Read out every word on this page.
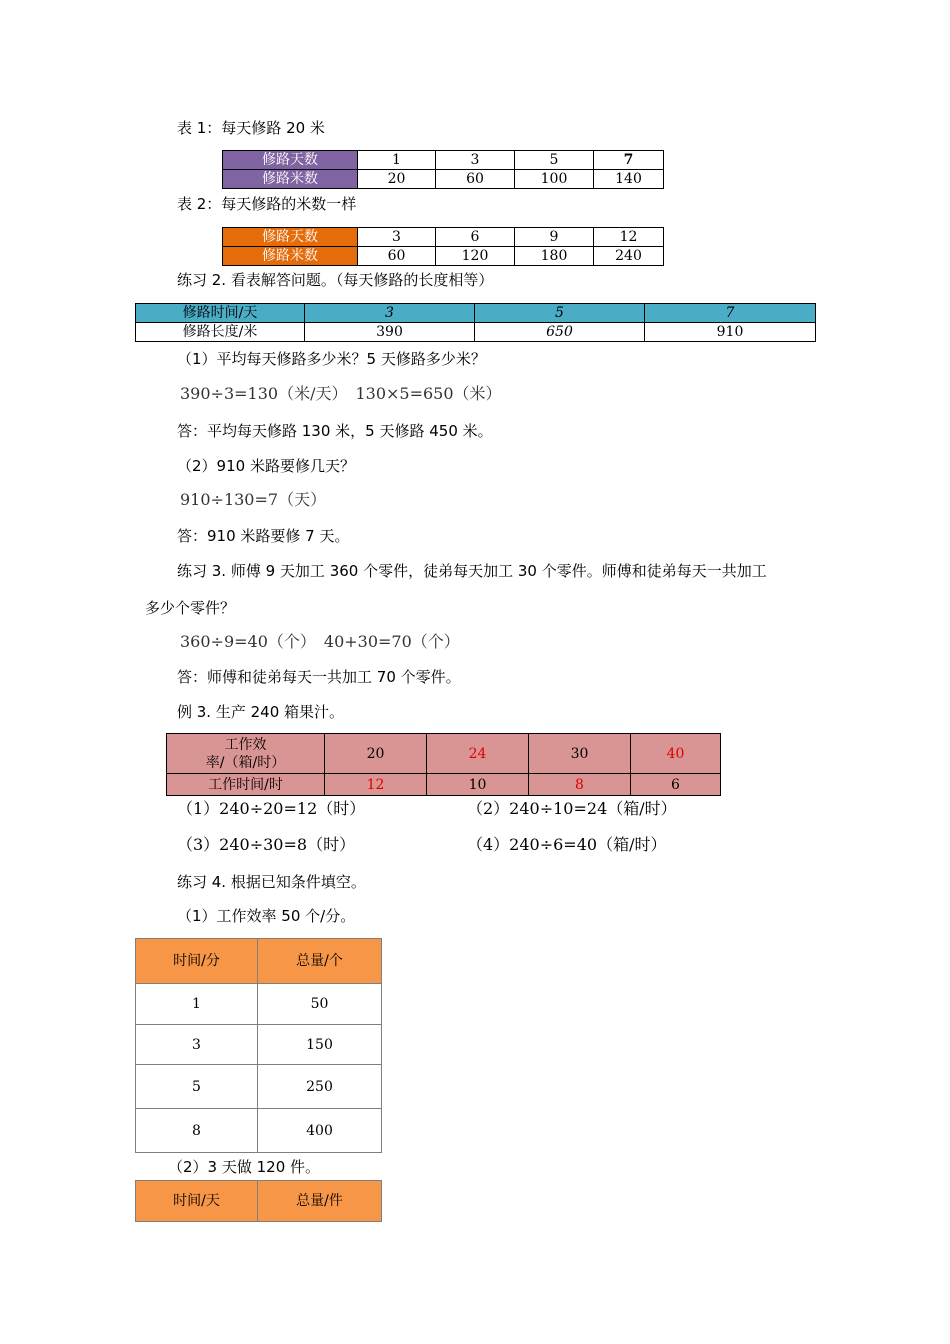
表 1：每天修路 20 米
修路天数	1	3	5	7
修路米数	20	60	100	140
表 2：每天修路的米数一样
修路天数	3	6	9	12
修路米数	60	120	180	240
练习 2. 看表解答问题。（每天修路的长度相等）
修路时间/天	3	5	7
修路长度/米	390	650	910
（1）平均每天修路多少米？5 天修路多少米？
390÷3=130（米/天）　130×5=650（米）
答：平均每天修路 130 米，5 天修路 450 米。
（2）910 米路要修几天？
910÷130=7（天）
答：910 米路要修 7 天。
练习 3. 师傅 9 天加工 360 个零件，徒弟每天加工 30 个零件。师傅和徒弟每天一共加工
多少个零件？
360÷9=40（个）　40+30=70（个）
答：师傅和徒弟每天一共加工 70 个零件。
例 3. 生产 240 箱果汁。
工作效
率/（箱/时）	20	24	30	40
工作时间/时	12	10	8	6
（1）240÷20=12（时）	（2）240÷10=24（箱/时）
（3）240÷30=8（时）	（4）240÷6=40（箱/时）
练习 4. 根据已知条件填空。
（1）工作效率 50 个/分。
时间/分	总量/个
1	50
3	150
5	250
8	400
（2）3 天做 120 件。
时间/天	总量/件
